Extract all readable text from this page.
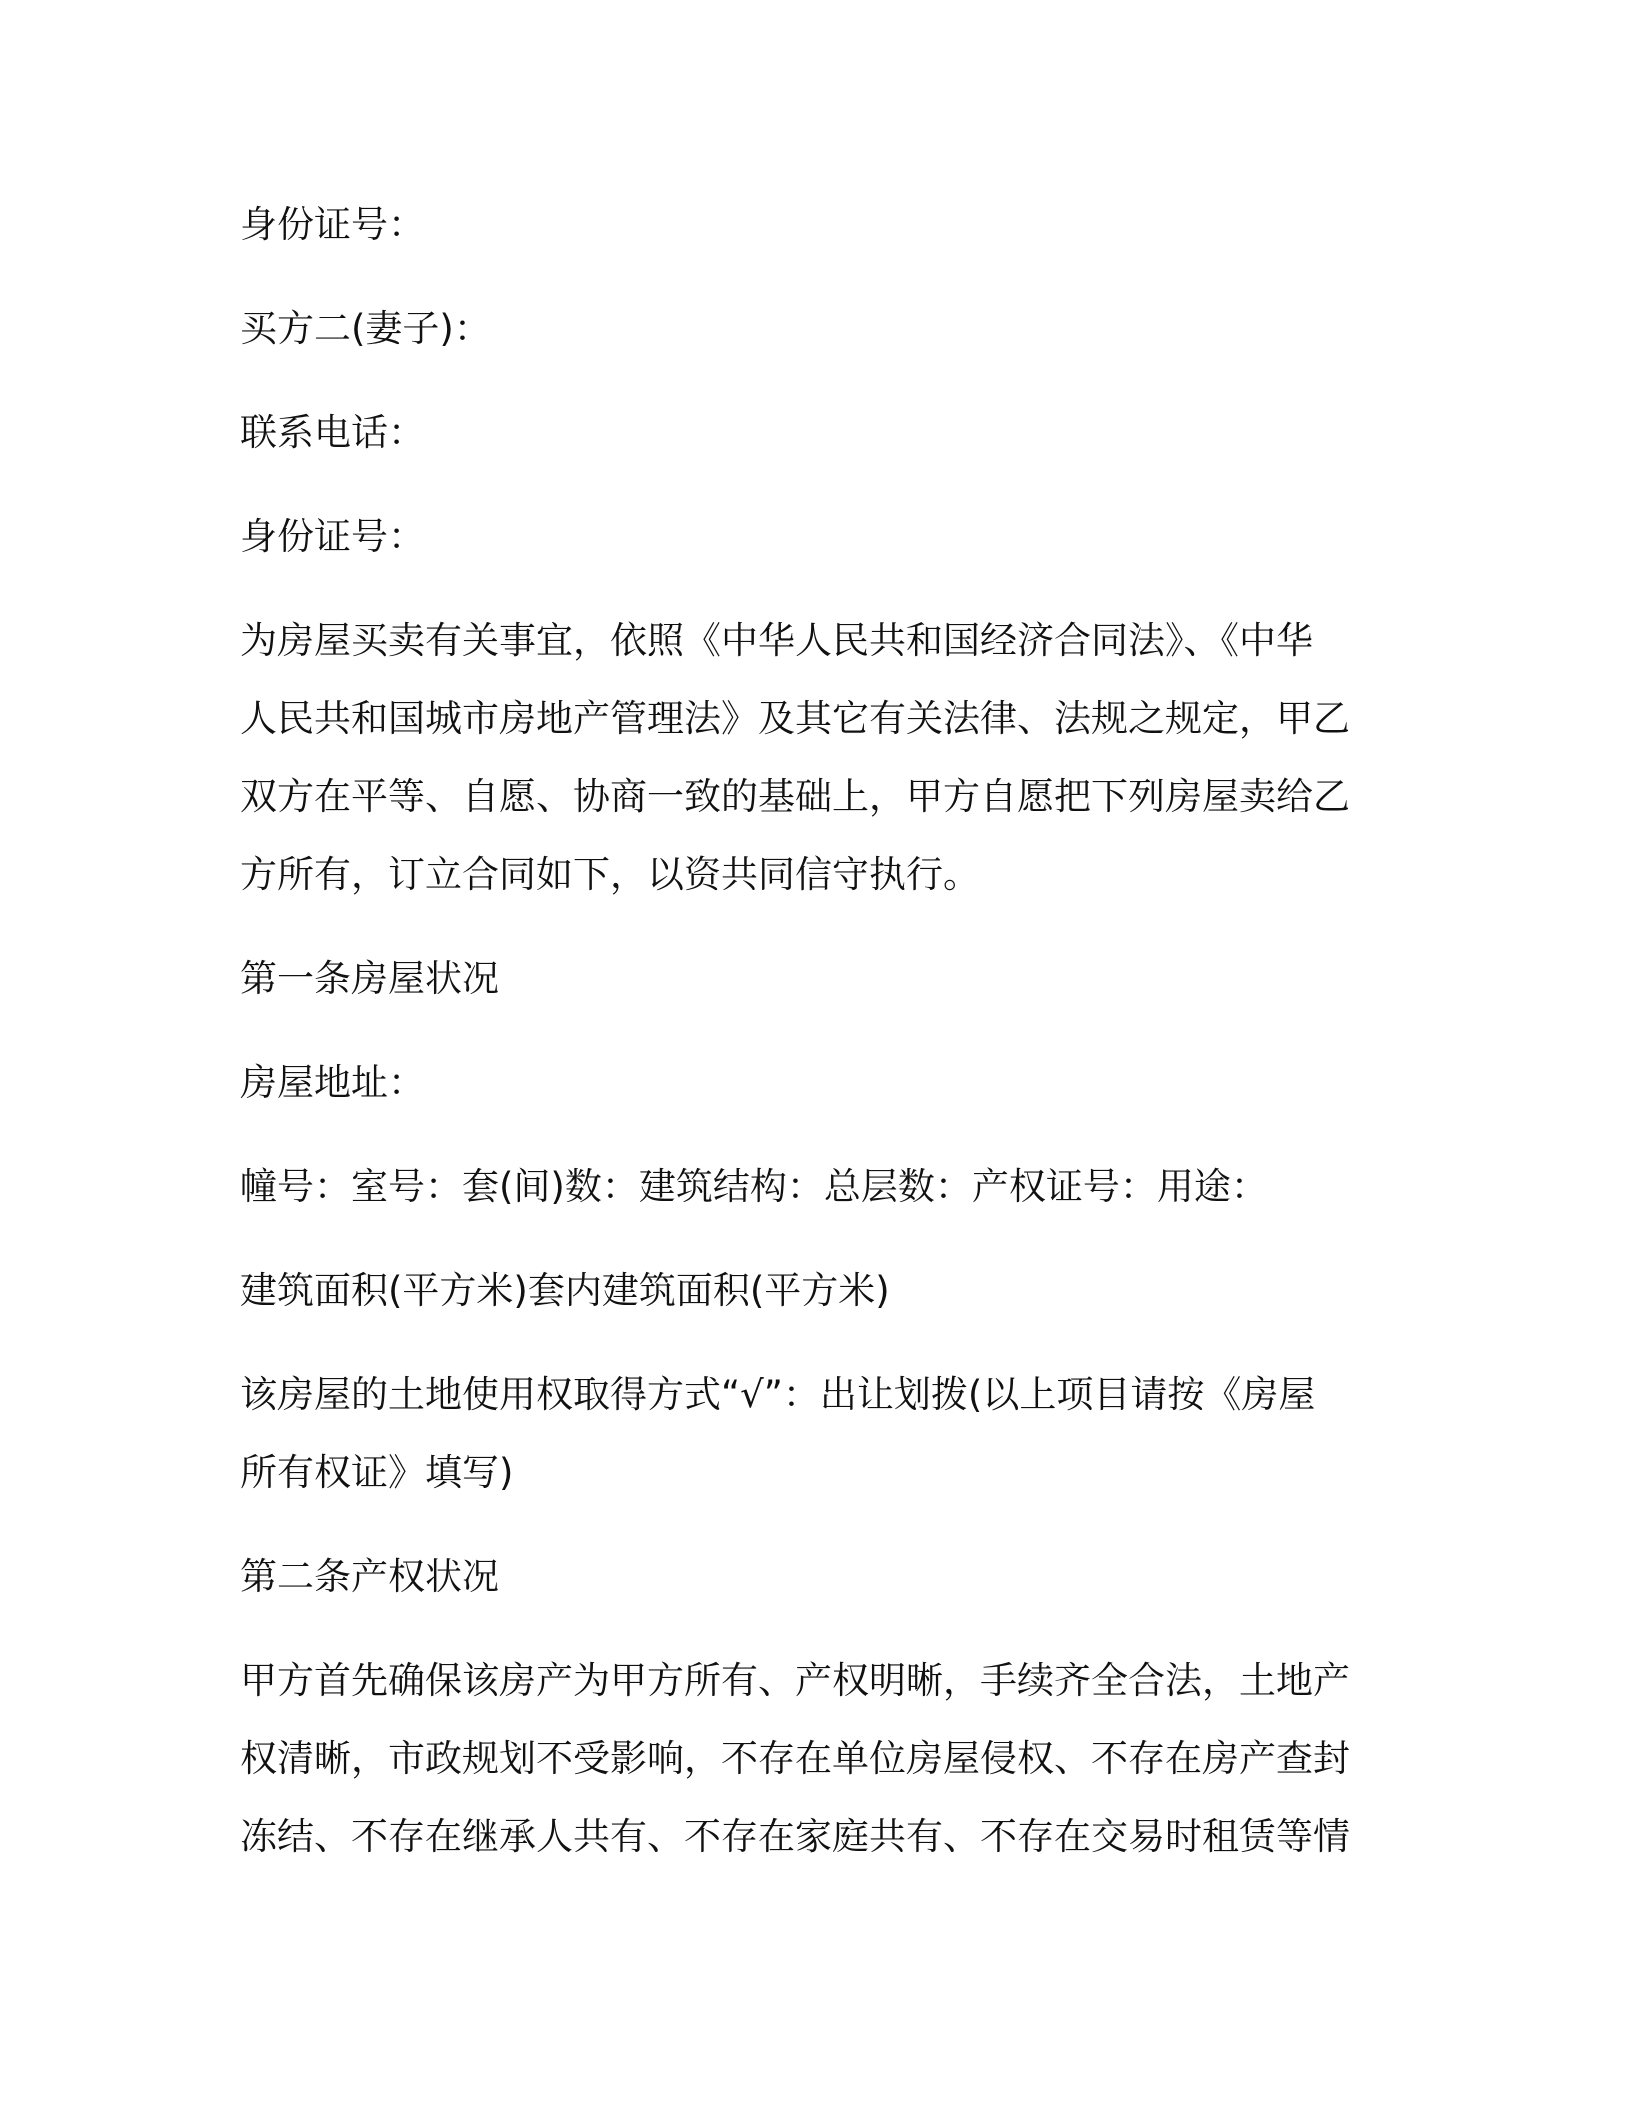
身份证号：

买方二(妻子)：

联系电话：

身份证号：

为房屋买卖有关事宜，依照《中华人民共和国经济合同法》、《中华

人民共和国城市房地产管理法》及其它有关法律、法规之规定，甲乙

双方在平等、自愿、协商一致的基础上，甲方自愿把下列房屋卖给乙

方所有，订立合同如下，以资共同信守执行。

第一条房屋状况

房屋地址：

幢号：室号：套(间)数：建筑结构：总层数：产权证号：用途：

建筑面积(平方米)套内建筑面积(平方米)

该房屋的土地使用权取得方式“√”：出让划拨(以上项目请按《房屋

所有权证》填写)

第二条产权状况

甲方首先确保该房产为甲方所有、产权明晰，手续齐全合法，土地产

权清晰，市政规划不受影响，不存在单位房屋侵权、不存在房产查封

冻结、不存在继承人共有、不存在家庭共有、不存在交易时租赁等情
